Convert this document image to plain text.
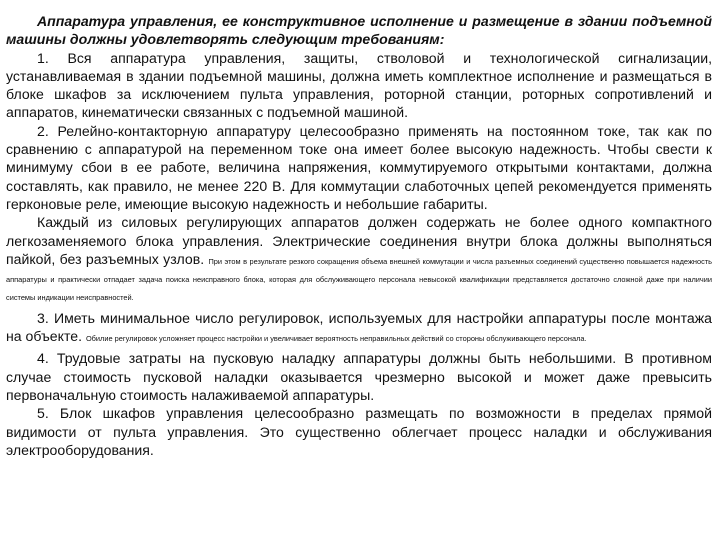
Аппаратура управления, ее конструктивное исполнение и размещение в здании подъемной машины должны удовлетворять следующим требованиям:

1. Вся аппаратура управления, защиты, стволовой и технологической сигнализации, устанавливаемая в здании подъемной машины, должна иметь комплектное исполнение и размещаться в блоке шкафов за исключением пульта управления, роторной станции, роторных сопротивлений и аппаратов, кинематически связанных с подъемной машиной.

2. Релейно-контакторную аппаратуру целесообразно применять на постоянном токе, так как по сравнению с аппаратурой на переменном токе она имеет более высокую надежность. Чтобы свести к минимуму сбои в ее работе, величина напряжения, коммутируемого открытыми контактами, должна составлять, как правило, не менее 220 В. Для коммутации слаботочных цепей рекомендуется применять герконовые реле, имеющие высокую надежность и небольшие габариты.

Каждый из силовых регулирующих аппаратов должен содержать не более одного компактного легкозаменяемого блока управления. Электрические соединения внутри блока должны выполняться пайкой, без разъемных узлов. При этом в результате резкого сокращения объема внешней коммутации и числа разъемных соединений существенно повышается надежность аппаратуры и практически отпадает задача поиска неисправного блока, которая для обслуживающего персонала невысокой квалификации представляется достаточно сложной даже при наличии системы индикации неисправностей.

3. Иметь минимальное число регулировок, используемых для настройки аппаратуры после монтажа на объекте. Обилие регулировок усложняет процесс настройки и увеличивает вероятность неправильных действий со стороны обслуживающего персонала.

4. Трудовые затраты на пусковую наладку аппаратуры должны быть небольшими. В противном случае стоимость пусковой наладки оказывается чрезмерно высокой и может даже превысить первоначальную стоимость налаживаемой аппаратуры.

5. Блок шкафов управления целесообразно размещать по возможности в пределах прямой видимости от пульта управления. Это существенно облегчает процесс наладки и обслуживания электрооборудования.
